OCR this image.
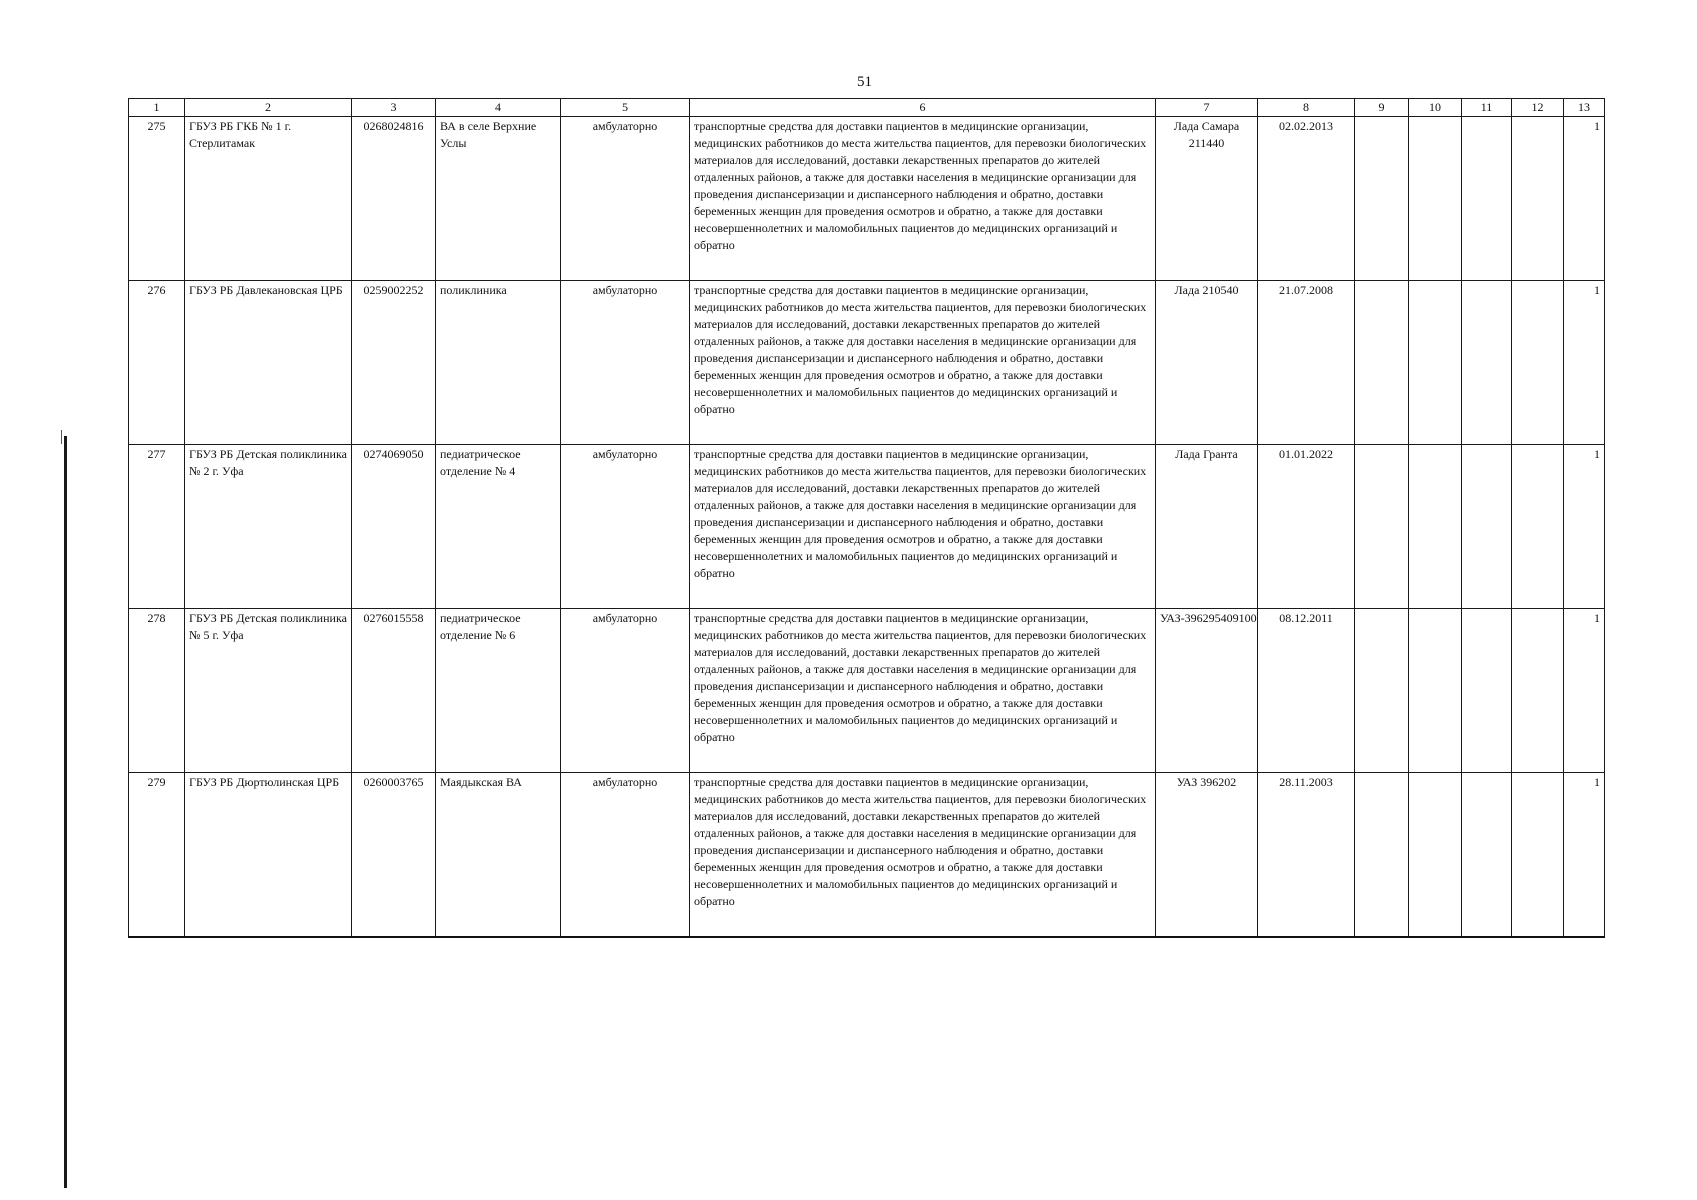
51
1	2	3	4	5	6	7	8	9	10	11	12	13
275	ГБУЗ РБ ГКБ № 1 г. Стерлитамак	0268024816	ВА в селе Верхние Услы	амбулаторно	транспортные средства для доставки пациентов в медицинские организации, медицинских работников до места жительства пациентов, для перевозки биологических материалов для исследований, доставки лекарственных препаратов до жителей отдаленных районов, а также для доставки населения в медицинские организации для проведения диспансеризации и диспансерного наблюдения и обратно, доставки беременных женщин для проведения осмотров и обратно, а также для доставки несовершеннолетних и маломобильных пациентов до медицинских организаций и обратно	Лада Самара 211440	02.02.2013					1
276	ГБУЗ РБ Давлекановская ЦРБ	0259002252	поликлиника	амбулаторно	транспортные средства для доставки пациентов в медицинские организации, медицинских работников до места жительства пациентов, для перевозки биологических материалов для исследований, доставки лекарственных препаратов до жителей отдаленных районов, а также для доставки населения в медицинские организации для проведения диспансеризации и диспансерного наблюдения и обратно, доставки беременных женщин для проведения осмотров и обратно, а также для доставки несовершеннолетних и маломобильных пациентов до медицинских организаций и обратно	Лада 210540	21.07.2008					1
277	ГБУЗ РБ Детская поликлиника № 2 г. Уфа	0274069050	педиатрическое отделение № 4	амбулаторно	транспортные средства для доставки пациентов в медицинские организации, медицинских работников до места жительства пациентов, для перевозки биологических материалов для исследований, доставки лекарственных препаратов до жителей отдаленных районов, а также для доставки населения в медицинские организации для проведения диспансеризации и диспансерного наблюдения и обратно, доставки беременных женщин для проведения осмотров и обратно, а также для доставки несовершеннолетних и маломобильных пациентов до медицинских организаций и обратно	Лада Гранта	01.01.2022					1
278	ГБУЗ РБ Детская поликлиника № 5 г. Уфа	0276015558	педиатрическое отделение № 6	амбулаторно	транспортные средства для доставки пациентов в медицинские организации, медицинских работников до места жительства пациентов, для перевозки биологических материалов для исследований, доставки лекарственных препаратов до жителей отдаленных районов, а также для доставки населения в медицинские организации для проведения диспансеризации и диспансерного наблюдения и обратно, доставки беременных женщин для проведения осмотров и обратно, а также для доставки несовершеннолетних и маломобильных пациентов до медицинских организаций и обратно	УАЗ-396295409100	08.12.2011					1
279	ГБУЗ РБ Дюртюлинская ЦРБ	0260003765	Маядыкская ВА	амбулаторно	транспортные средства для доставки пациентов в медицинские организации, медицинских работников до места жительства пациентов, для перевозки биологических материалов для исследований, доставки лекарственных препаратов до жителей отдаленных районов, а также для доставки населения в медицинские организации для проведения диспансеризации и диспансерного наблюдения и обратно, доставки беременных женщин для проведения осмотров и обратно, а также для доставки несовершеннолетних и маломобильных пациентов до медицинских организаций и обратно	УАЗ 396202	28.11.2003					1
